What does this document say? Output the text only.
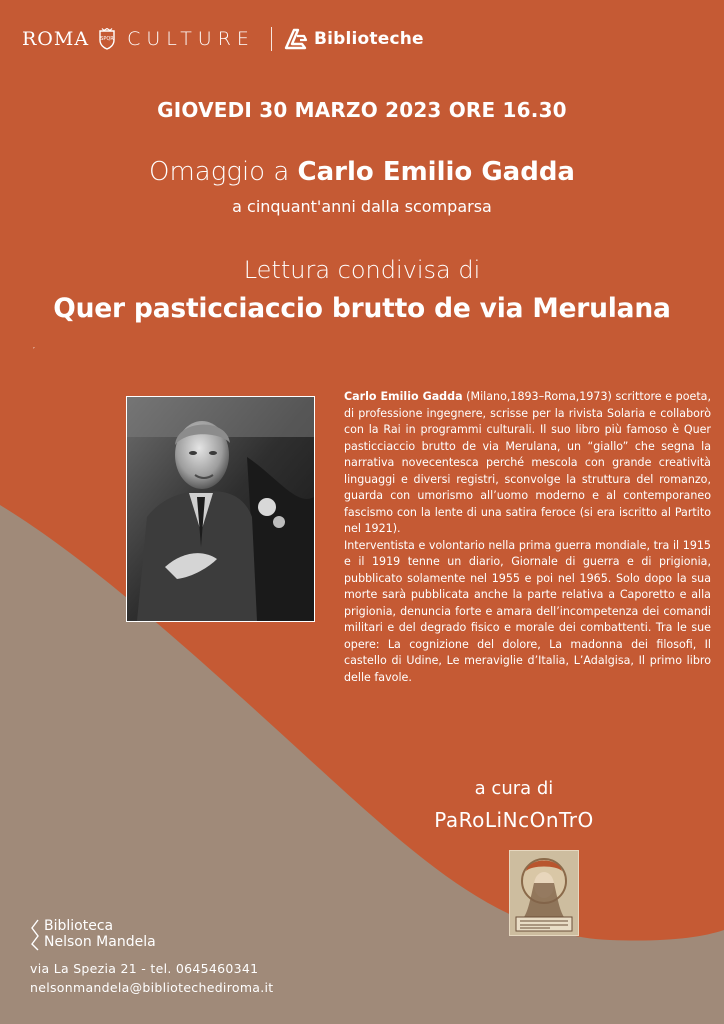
ROMA SPQR CULTURE	Biblioteche
GIOVEDI 30 MARZO 2023 ORE 16.30
Omaggio a Carlo Emilio Gadda
a cinquant'anni dalla scomparsa
Lettura condivisa di
Quer pasticciaccio brutto de via Merulana
,

Carlo Emilio Gadda (Milano,1893–Roma,1973) scrittore e poeta, di professione ingegnere, scrisse per la rivista Solaria e collaborò con la Rai in programmi culturali. Il suo libro più famoso è Quer pasticciaccio brutto de via Merulana, un “giallo” che segna la narrativa novecentesca perché mescola con grande creatività linguaggi e diversi registri, sconvolge la struttura del romanzo, guarda con umorismo all’uomo moderno e al contemporaneo fascismo con la lente di una satira feroce (si era iscritto al Partito nel 1921).

Interventista e volontario nella prima guerra mondiale, tra il 1915 e il 1919 tenne un diario, Giornale di guerra e di prigionia, pubblicato solamente nel 1955 e poi nel 1965. Solo dopo la sua morte sarà pubblicata anche la parte relativa a Caporetto e alla prigionia, denuncia forte e amara dell’incompetenza dei comandi militari e del degrado fisico e morale dei combattenti. Tra le sue opere: La cognizione del dolore, La madonna dei filosofi, Il castello di Udine, Le meraviglie d’Italia, L’Adalgisa, Il primo libro delle favole.

a cura di
PaRoLiNcOnTrO
Biblioteca
Nelson Mandela
via La Spezia 21 - tel. 0645460341
nelsonmandela@bibliotechediroma.it
